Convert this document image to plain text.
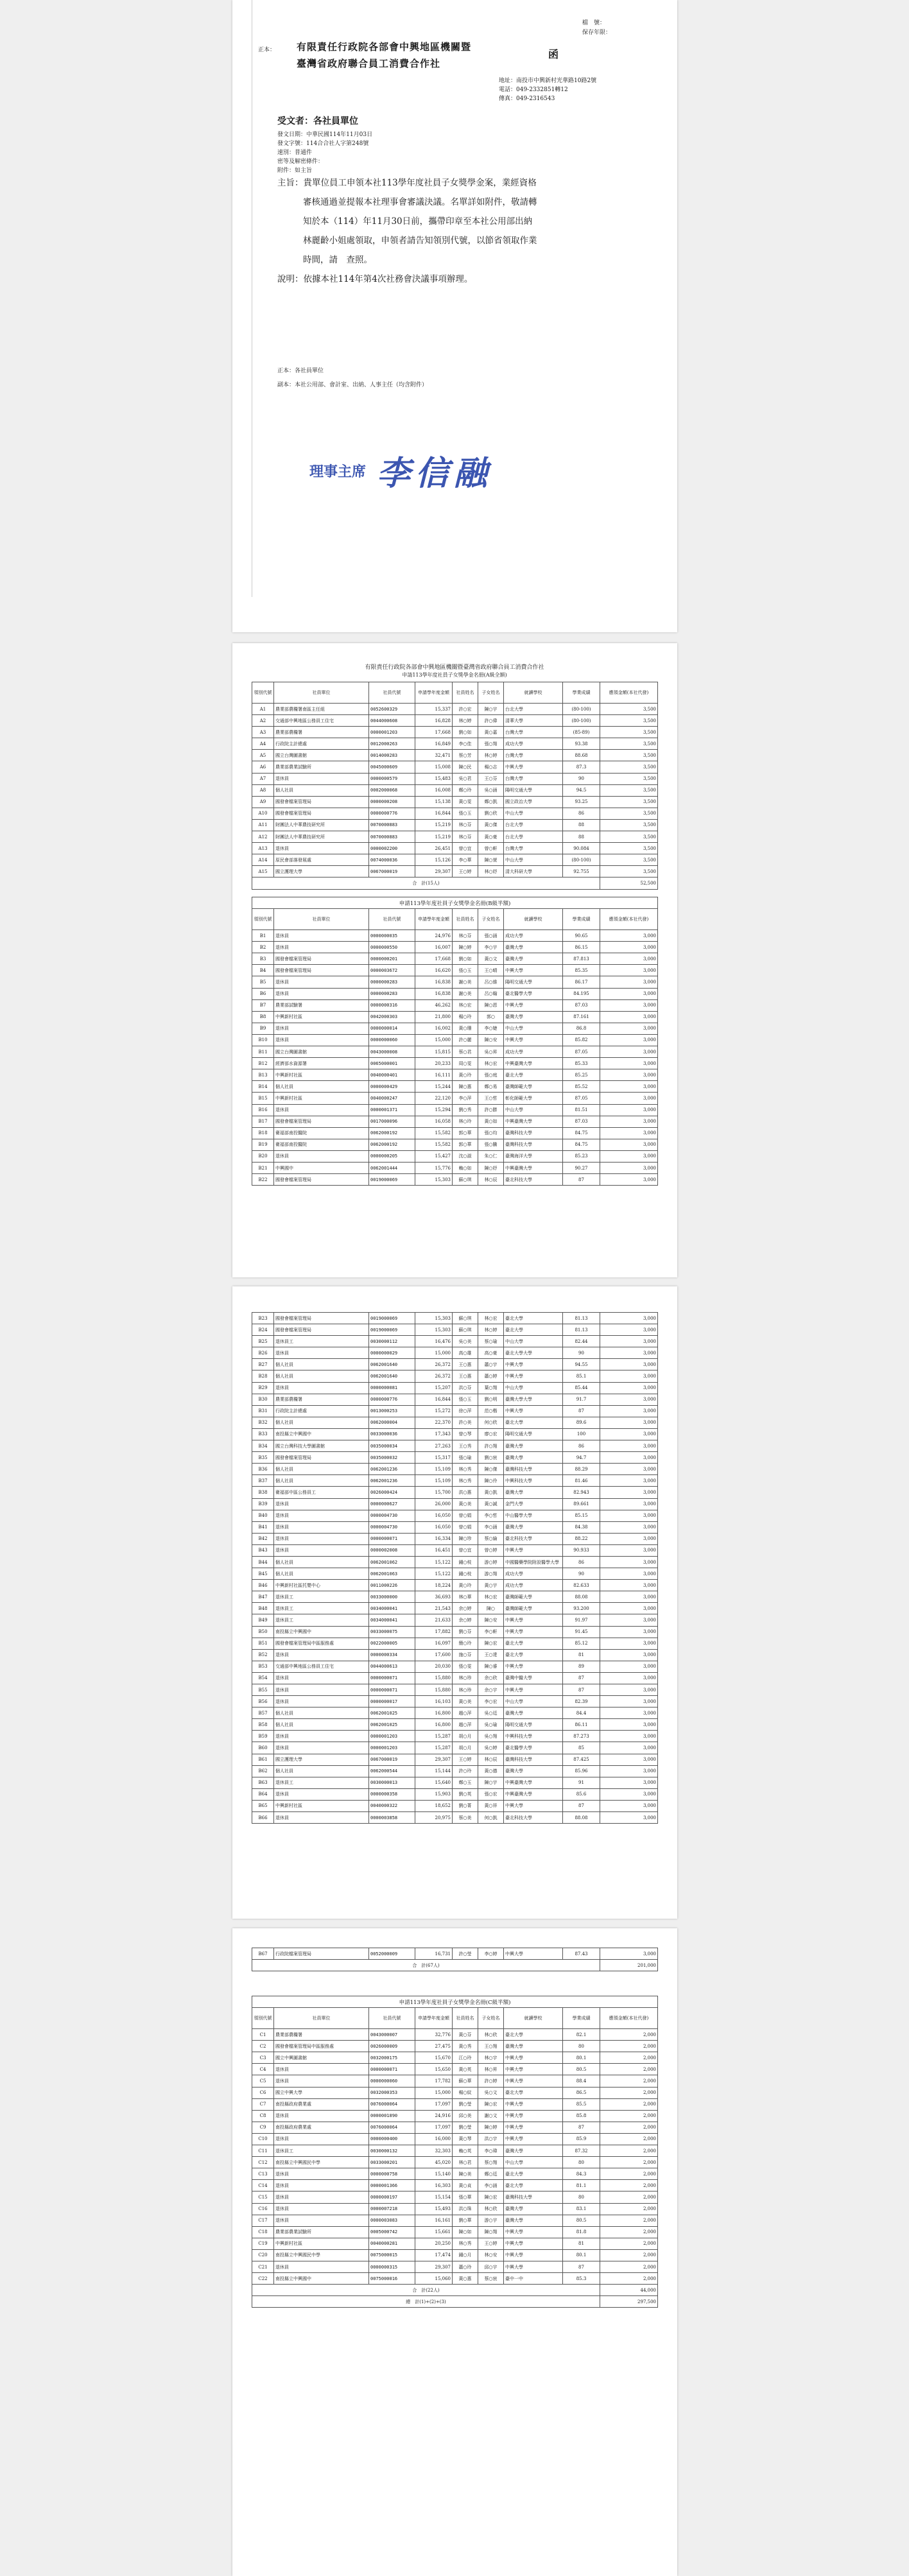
檔　號：
保存年限：
正本： 有限責任行政院各部會中興地區機關暨
臺灣省政府聯合員工消費合作社
函
地址：南投市中興新村光華路10路2號
電話：049-2332851轉12
傳真：049-2316543
受文者：各社員單位
發文日期：中華民國114年11月03日
發文字號：114合合社人字第248號
速別：普通件
密等及解密條件：
附件：如主旨
主旨：貴單位員工申領本社113學年度社員子女獎學金案，業經資格
審核通過並提報本社理事會審議決議。名單詳如附件，敬請轉
知於本（114）年11月30日前，攜帶印章至本社公用部出納
林麗齡小姐處領取，申領者請告知領別代號，以節省領取作業
時間，請　查照。
說明：依據本社114年第4次社務會決議事項辦理。
正本：各社員單位
副本：本社公用部、會計室、出納、人事主任（均含附件）
理事主席 李信融
有限責任行政院各部會中興地區機關暨臺灣省政府聯合員工消費合作社
申請113學年度社員子女獎學金名冊(A級全額)
領別代號	社員單位	社員代號	申請學年度金額	社員姓名	子女姓名	就讀學校	學業成績	應領金額(本社代發)
A1	農業部農糧署南區主任組	0052600329	15,337	許○宏	陳○宇	台北大學	(80-100)	3,500
A2	交通部中興地區公務員工住宅	0044000608	16,828	林○婷	許○偉	清華大學	(80-100)	3,500
A3	農業部農糧署	0000001203	17,668	劉○如	黃○嘉	台灣大學	(85-89)	3,500
A4	行政院主計總處	0012000263	16,849	李○佳	張○翔	成功大學	93.38	3,500
A5	國立台灣圖書館	0014000283	32,471	蔡○芳	林○婷	台灣大學	88.68	3,500
A6	農業部農業試驗所	0045000609	15,008	陳○民	楊○志	中興大學	87.3	3,500
A7	退休員	0000000579	15,483	吳○君	王○芬	台灣大學	90	3,500
A8	個人社員	0002000068	16,008	鄭○玲	吳○涵	陽明交通大學	94.5	3,500
A9	國發會檔案管理局	0000000208	15,138	黃○雯	鄭○凱	國立政治大學	93.25	3,500
A10	國發會檔案管理局	0000000776	16,844	張○玉	劉○欣	中山大學	86	3,500
A11	財團法人中華農技研究所	0070000883	15,219	林○芬	黃○傑	台北大學	88	3,500
A12	財團法人中華農技研究所	0070000883	15,219	林○芬	黃○豪	台北大學	88	3,500
A13	退休員	0000002200	26,451	曾○宜	曾○軒	台灣大學	90.084	3,500
A14	原民會部落發展處	0074000036	15,126	李○華	陳○萱	中山大學	(80-100)	3,500
A15	國立護理大學	0067000019	29,307	王○婷	林○妤	清大科研大學	92.755	3,500
合　計(15人)								52,500
申請113學年度社員子女獎學金名冊(B級半額)								
領別代號	社員單位	社員代號	申請學年度金額	社員姓名	子女姓名	就讀學校	學業成績	應領金額(本社代發)
B1	退休員	0000000035	24,976	林○芬	張○涵	成功大學	90.65	3,000
B2	退休員	0000000550	16,007	陳○婷	李○宇	臺灣大學	86.15	3,000
B3	國發會檔案管理局	0000000201	17,668	劉○如	黃○文	臺灣大學	87.813	3,000
B4	國發會檔案管理局	0000003672	16,620	張○玉	王○晴	中興大學	85.35	3,000
B5	退休員	0000000283	16,838	謝○美	呂○維	陽明交通大學	86.17	3,000
B6	退休員	0000000283	16,838	謝○美	呂○翰	臺北醫學大學	84.195	3,000
B7	農業部試驗署	0000000316	46,262	林○宏	陳○恩	中興大學	87.03	3,000
B8	中興新村社區	0042000303	21,800	楊○玲	郭○	臺灣大學	87.161	3,000
B9	退休員	0000000014	16,002	黃○珊	李○婕	中山大學	86.8	3,000
B10	退休員	0000000060	15,000	許○麗	陳○安	中興大學	85.82	3,000
B11	國立台灣圖書館	0043000008	15,815	蔡○君	吳○昇	成功大學	87.05	3,000
B12	經濟部水資源署	0065000001	20,233	周○雯	林○宏	中興臺灣大學	85.33	3,000
B13	中興新村社區	0040000401	16,111	黃○玲	張○庭	臺北大學	85.25	3,000
B14	個人社員	0000000429	15,244	陳○惠	鄭○易	臺灣師範大學	85.52	3,000
B15	中興新村社區	0040000247	22,120	李○萍	王○哲	彰化師範大學	87.05	3,000
B16	退休員	0000001371	15,294	劉○秀	許○勝	中山大學	81.51	3,000
B17	國發會檔案管理局	0017000096	16,058	林○玲	黃○如	中興臺灣大學	87.03	3,000
B18	衛福部南投醫院	0062000192	15,582	郭○華	張○均	臺灣科技大學	84.75	3,000
B19	衛福部南投醫院	0062000192	15,582	郭○華	張○騰	臺灣科技大學	84.75	3,000
B20	退休員	0000000205	15,427	沈○淑	朱○仁	臺灣海洋大學	85.23	3,000
B21	中興國中	0062001444	15,776	賴○如	陳○妤	中興臺灣大學	90.27	3,000
B22	國發會檔案管理局	0019000069	15,303	蘇○琪	林○辰	臺北科技大學	87	3,000
B23	國發會檔案管理局	0019000069	15,303	蘇○琪	林○宏	臺北大學	81.13	3,000
B24	國發會檔案管理局	0019000069	15,303	蘇○琪	林○婷	臺北大學	81.13	3,000
B25	退休員工	0030000112	16,476	吳○美	蔡○瑜	中山大學	82.44	3,000
B26	退休員	0000000029	15,000	高○雄	高○豪	臺北大學大學	90	3,000
B27	個人社員	0062001640	26,372	王○惠	蕭○宇	中興大學	94.55	3,000
B28	個人社員	0062001640	26,372	王○惠	蕭○婷	中興大學	85.1	3,000
B29	退休員	0000000081	15,207	洪○芬	葉○翔	中山大學	85.44	3,000
B30	農業部農糧署	0000000776	16,844	張○玉	劉○明	臺灣大學大學	91.7	3,000
B31	行政院主計總處	0013000253	15,272	徐○萍	范○楷	中興大學	87	3,000
B32	個人社員	0062000004	22,370	許○美	何○欣	臺北大學	89.6	3,000
B33	南投縣立中興國中	0033000036	17,343	曾○琴	廖○宏	陽明交通大學	100	3,000
B34	國立台灣科技大學圖書館	0035000034	27,263	王○秀	許○翔	臺灣大學	86	3,000
B35	國發會檔案管理局	0035000032	15,317	張○瑜	劉○宸	臺灣大學	94.7	3,000
B36	個人社員	0062001236	15,109	林○秀	陳○傑	臺灣科技大學	88.29	3,000
B37	個人社員	0062001236	15,109	林○秀	陳○伶	中興科技大學	81.46	3,000
B38	衛福部中區公務員工	0026000424	15,700	洪○惠	黃○凱	臺灣大學	82.943	3,000
B39	退休員	0000000627	26,000	黃○美	黃○誠	金門大學	89.661	3,000
B40	退休員	0000004730	16,050	曾○娟	李○哲	中山醫學大學	85.15	3,000
B41	退休員	0000004730	16,050	曾○娟	李○涵	臺灣大學	84.38	3,000
B42	退休員	0000000071	16,334	陳○珍	蔡○綸	臺北科技大學	88.22	3,000
B43	退休員	0000002008	16,451	曾○宜	曾○婷	中興大學	90.933	3,000
B44	個人社員	0062001062	15,122	鍾○枝	游○婷	中國醫藥學院附設醫學大學	86	3,000
B45	個人社員	0062001063	15,122	鍾○枝	游○翔	成功大學	90	3,000
B46	中興新村社區托嬰中心	0011000226	18,224	黃○玲	黃○宇	成功大學	82.633	3,000
B47	退休員工	0033000000	36,693	林○華	林○宏	臺灣師範大學	88.08	3,000
B48	退休員工	0034000041	21,543	余○婷	陳○	臺灣師範大學	93.200	3,000
B49	退休員工	0034000041	21,633	余○婷	陳○安	中興大學	91.97	3,000
B50	南投縣立中興國中	0033000075	17,882	劉○芬	李○軒	中興大學	91.45	3,000
B51	國發會檔案管理局中區服務處	0022000005	16,097	簡○玲	陳○宏	臺北大學	85.12	3,000
B52	退休員	0000000334	17,600	施○芬	王○達	臺北大學	81	3,000
B53	交通部中興地區公務員工住宅	0044000613	20,030	張○雯	陳○睿	中興大學	89	3,000
B54	退休員	0000000071	15,880	林○珍	余○欣	臺灣中醫大學	87	3,000
B55	退休員	0000000071	15,880	林○珍	余○宇	中興大學	87	3,000
B56	退休員	0000000017	16,103	黃○美	李○宏	中山大學	82.39	3,000
B57	個人社員	0062001025	16,800	趙○萍	吳○廷	臺灣大學	84.4	3,000
B58	個人社員	0062001025	16,800	趙○萍	吳○瑜	陽明交通大學	86.11	3,000
B59	退休員	0000001203	15,287	胡○月	吳○翔	中興科技大學	87.273	3,000
B60	退休員	0000001203	15,287	胡○月	吳○婷	臺北醫學大學	85	3,000
B61	國立護理大學	0067000019	29,307	王○婷	林○辰	臺灣科技大學	87.425	3,000
B62	個人社員	0062000544	15,144	許○玲	黃○德	臺灣大學	85.96	3,000
B63	退休員工	0030000013	15,640	鄭○玉	陳○宇	中興臺灣大學	91	3,000
B64	退休員	0000000358	15,903	劉○英	張○宏	中興臺灣大學	85.6	3,000
B65	中興新村社區	0040000322	18,652	劉○菁	黃○祥	中興大學	87	3,000
B66	退休員	0000003858	20,975	蔡○美	何○凱	臺北科技大學	88.08	3,000
B67	行政院檔案管理局	0052000009	16,731	許○瑩	李○婷	中興大學	87.43	3,000
合　計(67人)								201,000
申請113學年度社員子女獎學金名冊(C級半額)								
領別代號	社員單位	社員代號	申請學年度金額	社員姓名	子女姓名	就讀學校	學業成績	應領金額(本社代發)
C1	農業部農糧署	0043000007	32,776	黃○芬	林○欣	臺北大學	82.1	2,000
C2	國發會檔案管理局中區服務處	0026000009	27,475	黃○秀	王○翔	臺灣大學	80	2,000
C3	國立中興圖書館	0032000175	15,670	江○玲	林○宇	中興大學	80.1	2,000
C4	退休員	0000000071	15,650	黃○英	林○昇	中興大學	80.5	2,000
C5	退休員	0000000060	17,782	蘇○華	許○婷	中興大學	88.4	2,000
C6	國立中興大學	0032000353	15,000	楊○紋	吳○文	臺北大學	86.5	2,000
C7	南投縣政府農業處	0076000064	17,097	劉○瑩	陳○宏	中興大學	85.5	2,000
C8	退休員	0000001890	24,916	邱○美	謝○文	中興大學	85.8	2,000
C9	南投縣政府農業處	0076000064	17,097	劉○瑩	陳○婷	中興大學	87	2,000
C10	退休員	0000000400	16,000	黃○琴	洪○宇	中興大學	85.9	2,000
C11	退休員工	0030000132	32,303	賴○英	李○瑋	臺灣大學	87.32	2,000
C12	南投縣立中興國民中學	0033000201	45,020	林○君	蔡○翔	中山大學	80	2,000
C13	退休員	0000000758	15,140	陳○美	鄭○廷	臺北大學	84.3	2,000
C14	退休員	0000001366	16,303	黃○貞	李○涵	臺北大學	81.1	2,000
C15	退休員	0000000197	15,154	張○華	陳○宏	臺灣科技大學	80	2,000
C16	退休員	0000007218	15,493	洪○珠	林○欣	臺灣大學	83.1	2,000
C17	退休員	0000003083	16,161	劉○華	游○宇	臺灣大學	80.5	2,000
C18	農業部農業試驗所	0005000742	15,661	陳○如	陳○翔	中興大學	81.8	2,000
C19	中興新村社區	0040000281	20,250	林○秀	王○婷	中興大學	81	2,000
C20	南投縣立中興國民中學	0075000015	17,474	鍾○月	林○安	中興大學	80.1	2,000
C21	退休員	0000000315	29,307	蕭○玲	邱○宇	中興大學	87	2,000
C22	南投縣立中興國中	0075000016	15,060	黃○惠	蔡○宸	臺中一中	85.3	2,000
合　計(22人)								44,000
總　計(1)+(2)+(3)								297,500
